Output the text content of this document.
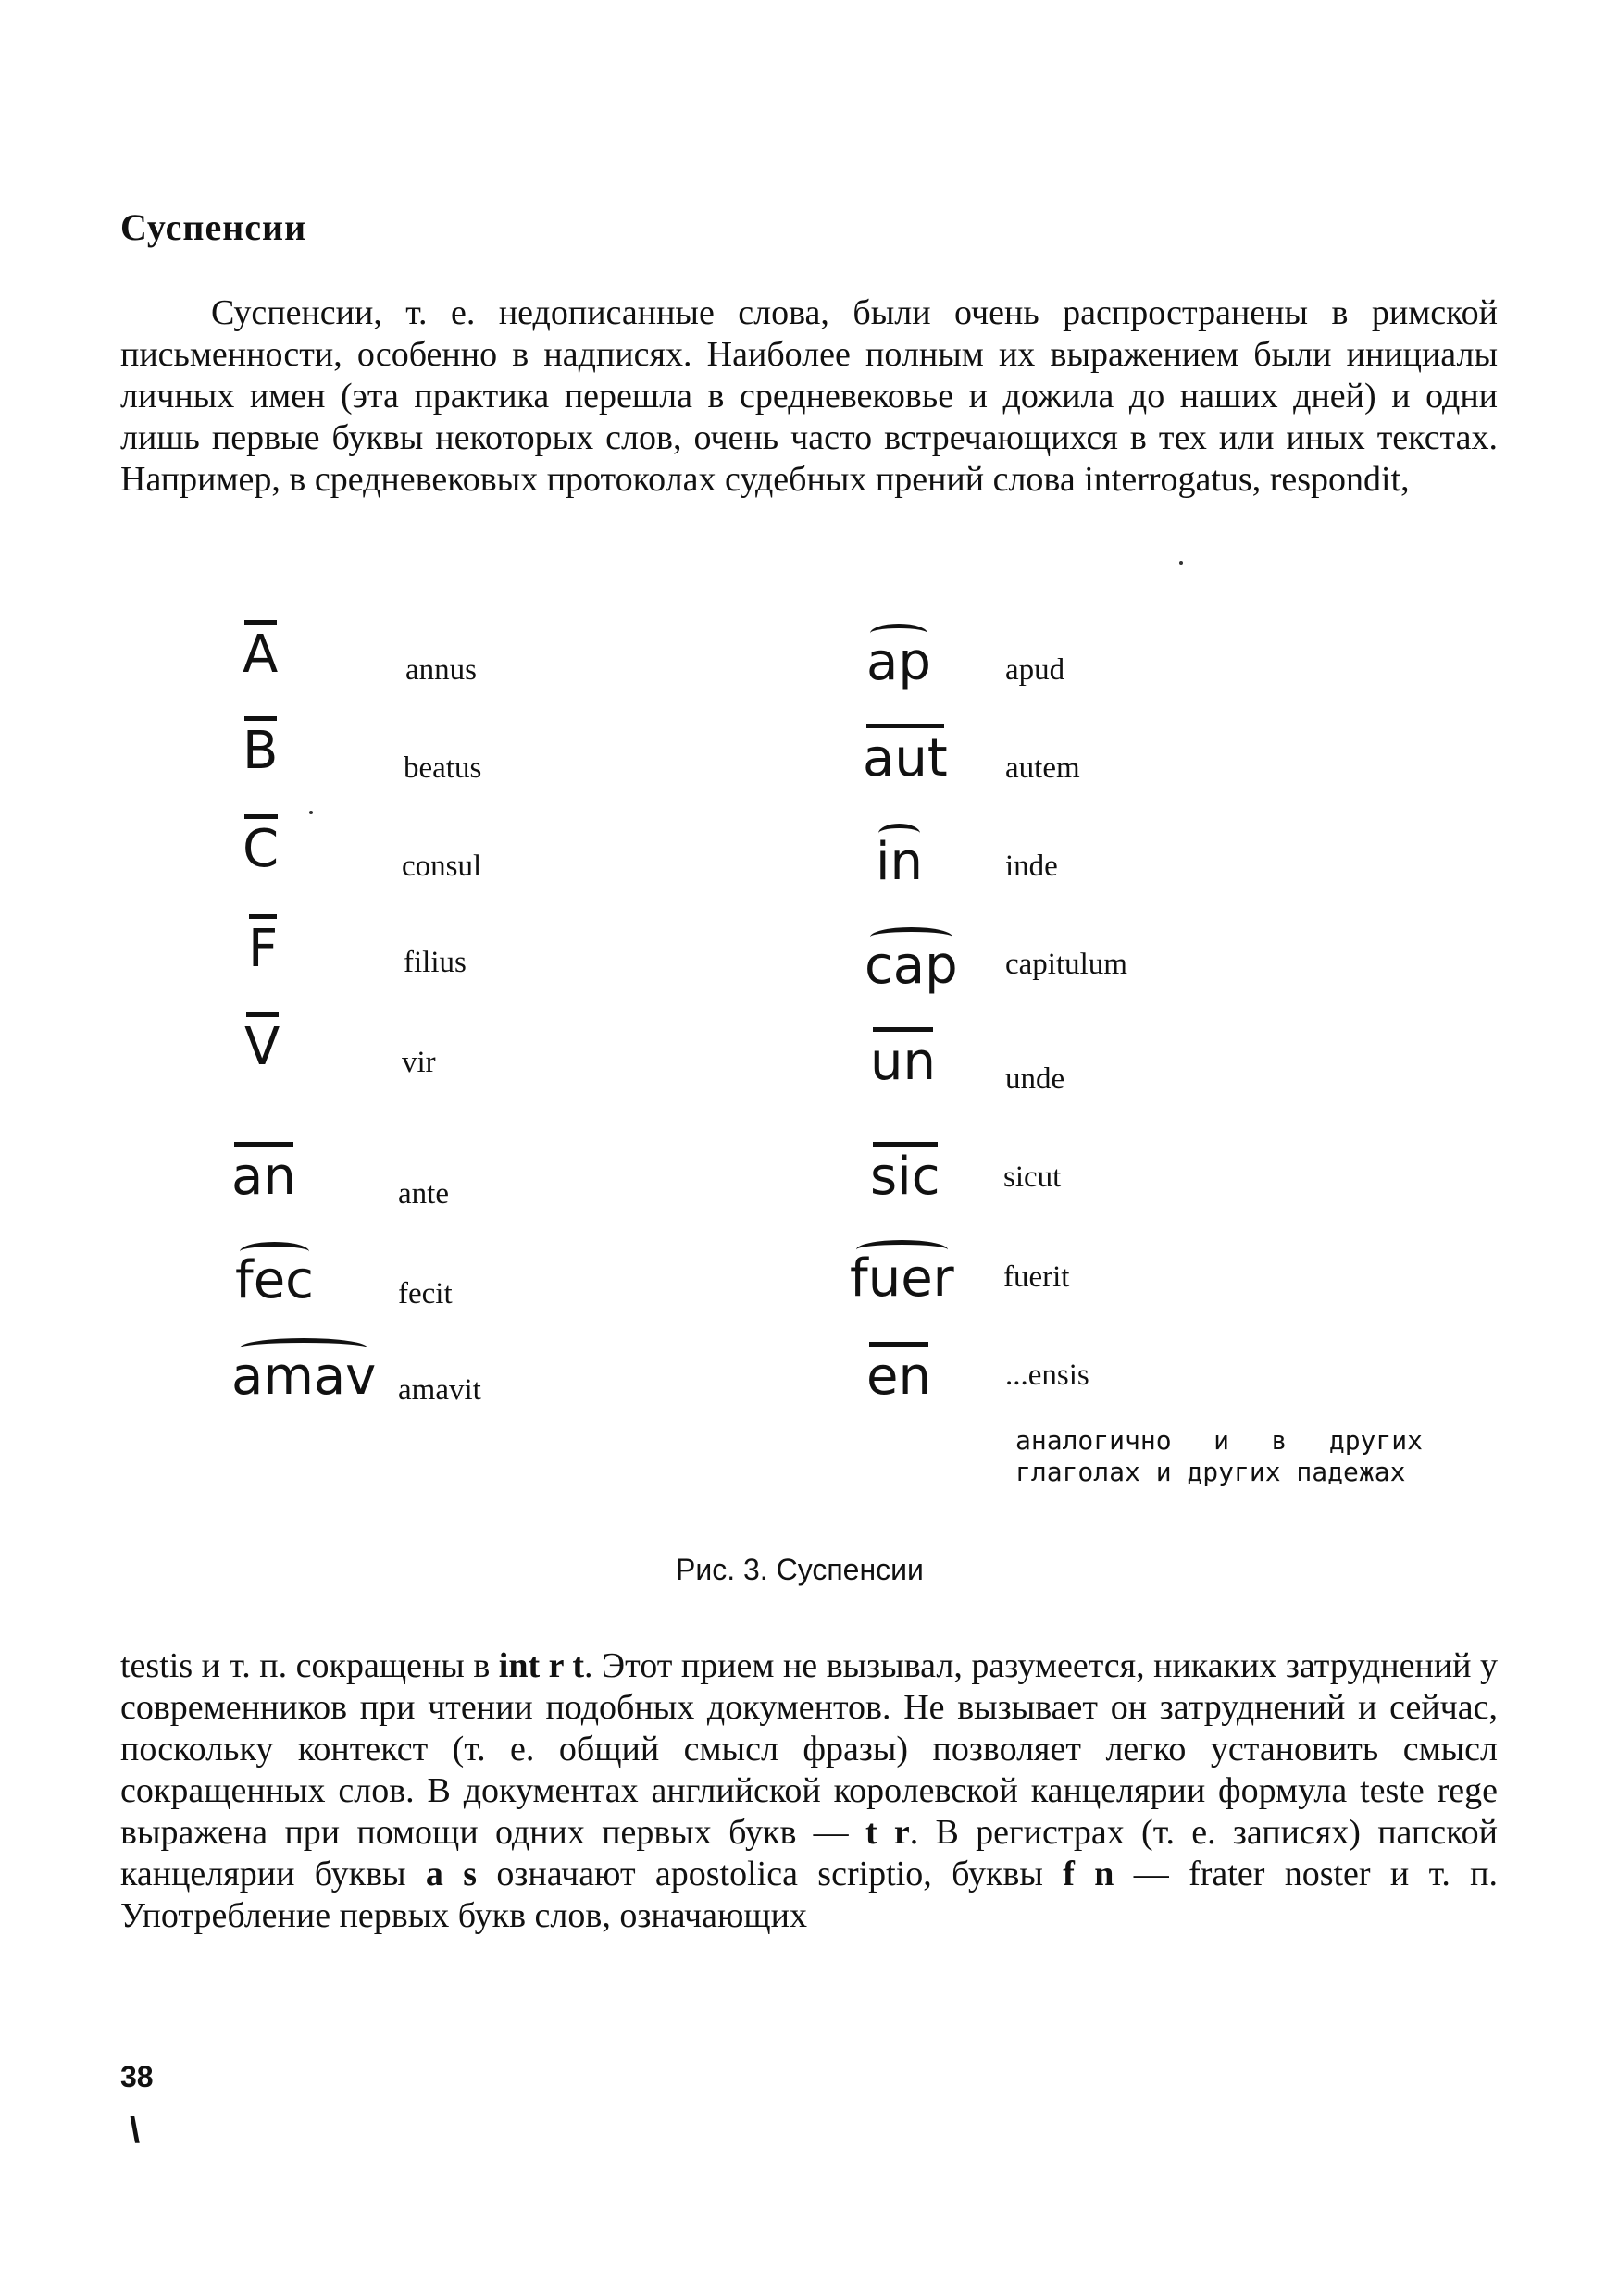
Суспенсии

Суспенсии, т. е. недописанные слова, были очень распространены в римской письменности, особенно в надписях. Наиболее полным их выражением были инициалы личных имен (эта практика перешла в средневековье и дожила до наших дней) и одни лишь первые буквы некоторых слов, очень часто встречающихся в тех или иных текстах. Например, в средневековых протоколах судебных прений слова interrogatus, respondit,

A	annus
B	beatus
C	consul
F	filius
V	vir
an	ante
fec	fecit
amav amavit
ap apud
aut autem
in	inde
cap capitulum
un unde
sic sicut
fuer fuerit
en ...ensis

аналогично и в других глаголах и других падежах

Рис. 3. Суспенсии

testis и т. п. сокращены в int r t. Этот прием не вызывал, разумеется, никаких затруднений у современников при чтении подобных документов. Не вызывает он затруднений и сейчас, поскольку контекст (т. е. общий смысл фразы) позволяет легко установить смысл сокращенных слов. В документах английской королевской канцелярии формула teste rege выражена при помощи одних первых букв — t r. В регистрах (т. е. записях) папской канцелярии буквы a s означают apostolica scriptio, буквы f n — frater noster и т. п. Употребление первых букв слов, означающих

38
\
